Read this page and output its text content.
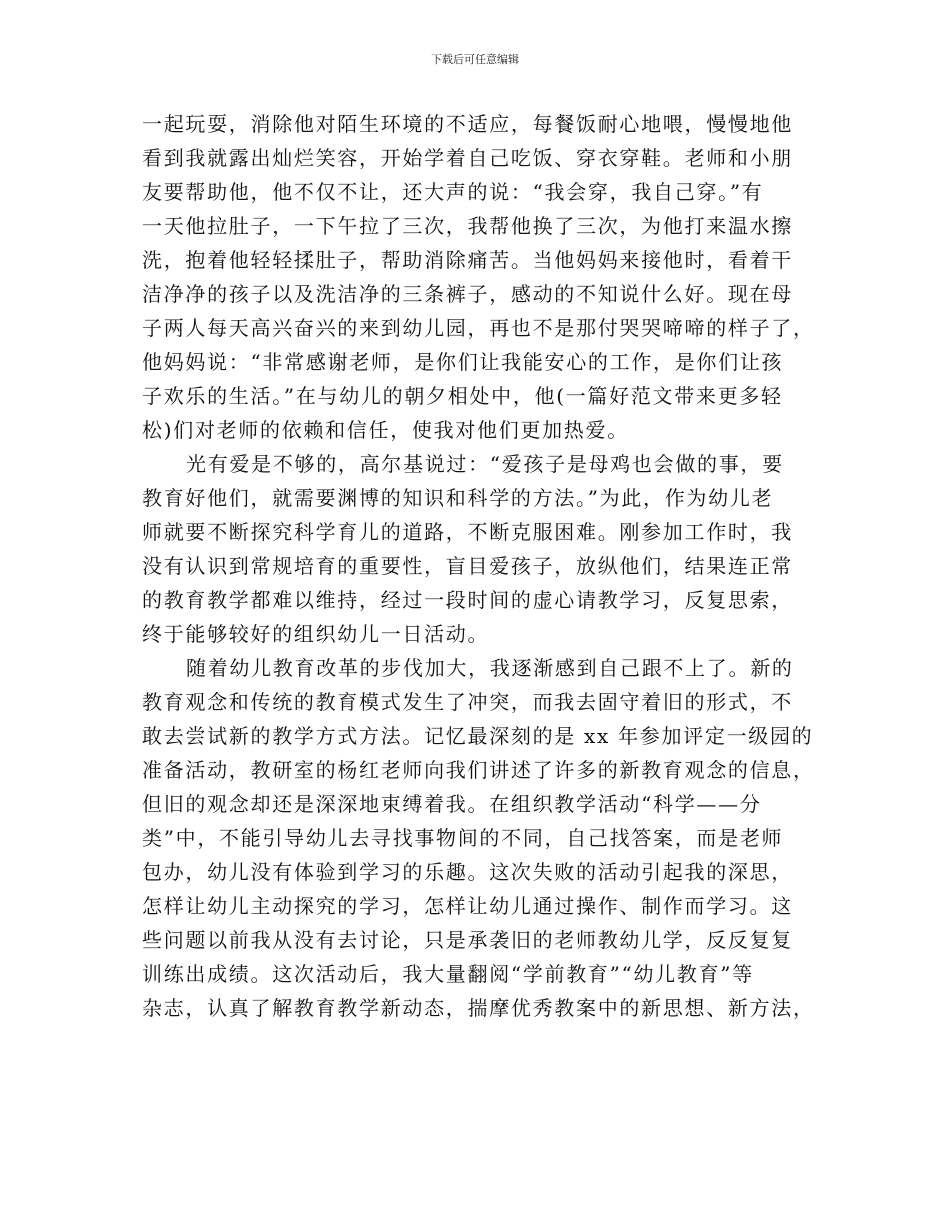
下载后可任意编辑
一起玩耍，消除他对陌生环境的不适应，每餐饭耐心地喂，慢慢地他
看到我就露出灿烂笑容，开始学着自己吃饭、穿衣穿鞋。老师和小朋
友要帮助他，他不仅不让，还大声的说：“我会穿，我自己穿。”有
一天他拉肚子，一下午拉了三次，我帮他换了三次，为他打来温水擦
洗，抱着他轻轻揉肚子，帮助消除痛苦。当他妈妈来接他时，看着干
洁净净的孩子以及洗洁净的三条裤子，感动的不知说什么好。现在母
子两人每天高兴奋兴的来到幼儿园，再也不是那付哭哭啼啼的样子了，
他妈妈说：“非常感谢老师，是你们让我能安心的工作，是你们让孩
子欢乐的生活。”在与幼儿的朝夕相处中，他(一篇好范文带来更多轻
松)们对老师的依赖和信任，使我对他们更加热爱。
光有爱是不够的，高尔基说过：“爱孩子是母鸡也会做的事，要
教育好他们，就需要渊博的知识和科学的方法。”为此，作为幼儿老
师就要不断探究科学育儿的道路，不断克服困难。刚参加工作时，我
没有认识到常规培育的重要性，盲目爱孩子，放纵他们，结果连正常
的教育教学都难以维持，经过一段时间的虚心请教学习，反复思索，
终于能够较好的组织幼儿一日活动。
随着幼儿教育改革的步伐加大，我逐渐感到自己跟不上了。新的
教育观念和传统的教育模式发生了冲突，而我去固守着旧的形式，不
敢去尝试新的教学方式方法。记忆最深刻的是 xx 年参加评定一级园的
准备活动，教研室的杨红老师向我们讲述了许多的新教育观念的信息，
但旧的观念却还是深深地束缚着我。在组织教学活动“科学——分
类”中，不能引导幼儿去寻找事物间的不同，自己找答案，而是老师
包办，幼儿没有体验到学习的乐趣。这次失败的活动引起我的深思，
怎样让幼儿主动探究的学习，怎样让幼儿通过操作、制作而学习。这
些问题以前我从没有去讨论，只是承袭旧的老师教幼儿学，反反复复
训练出成绩。这次活动后，我大量翻阅“学前教育”“幼儿教育”等
杂志，认真了解教育教学新动态，揣摩优秀教案中的新思想、新方法，
